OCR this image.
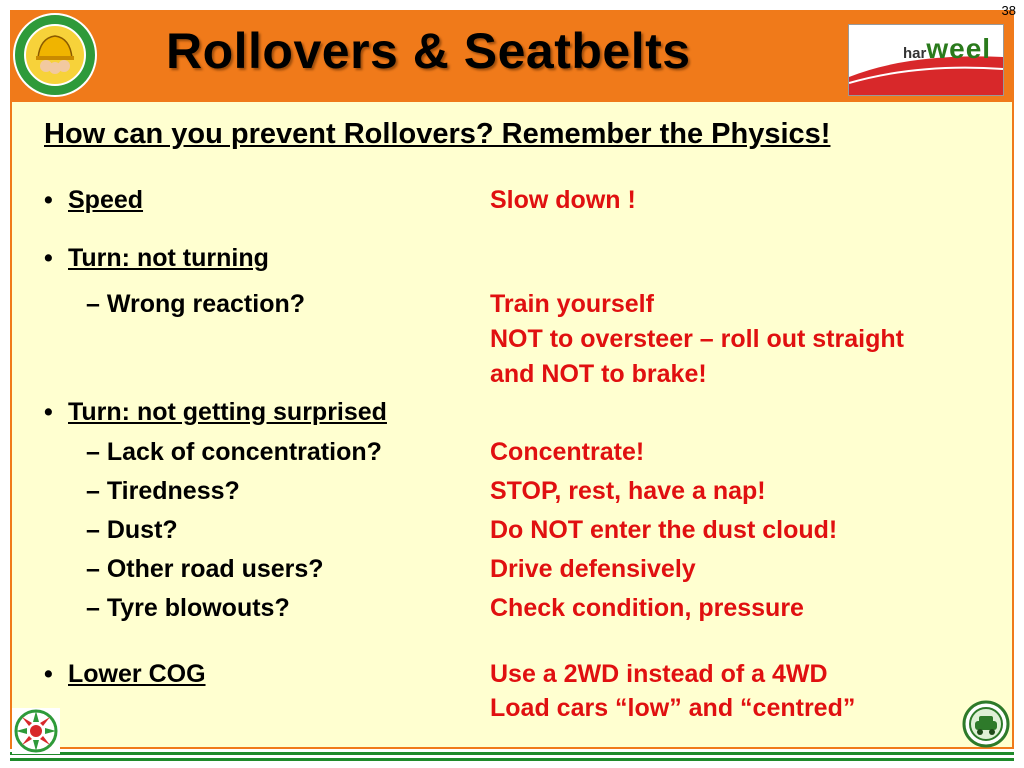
38
Rollovers & Seatbelts	harweel
How can you prevent Rollovers? Remember the Physics!
• Speed	Slow down !
• Turn: not turning
– Wrong reaction?	Train yourself
NOT to oversteer – roll out straight
and NOT to brake!
• Turn: not getting surprised
– Lack of concentration?	Concentrate!
– Tiredness?	STOP, rest, have a nap!
– Dust?	Do NOT enter the dust cloud!
– Other road users?	Drive defensively
– Tyre blowouts?	Check condition, pressure
• Lower COG	Use a 2WD instead of a 4WD
Load cars “low” and “centred”
